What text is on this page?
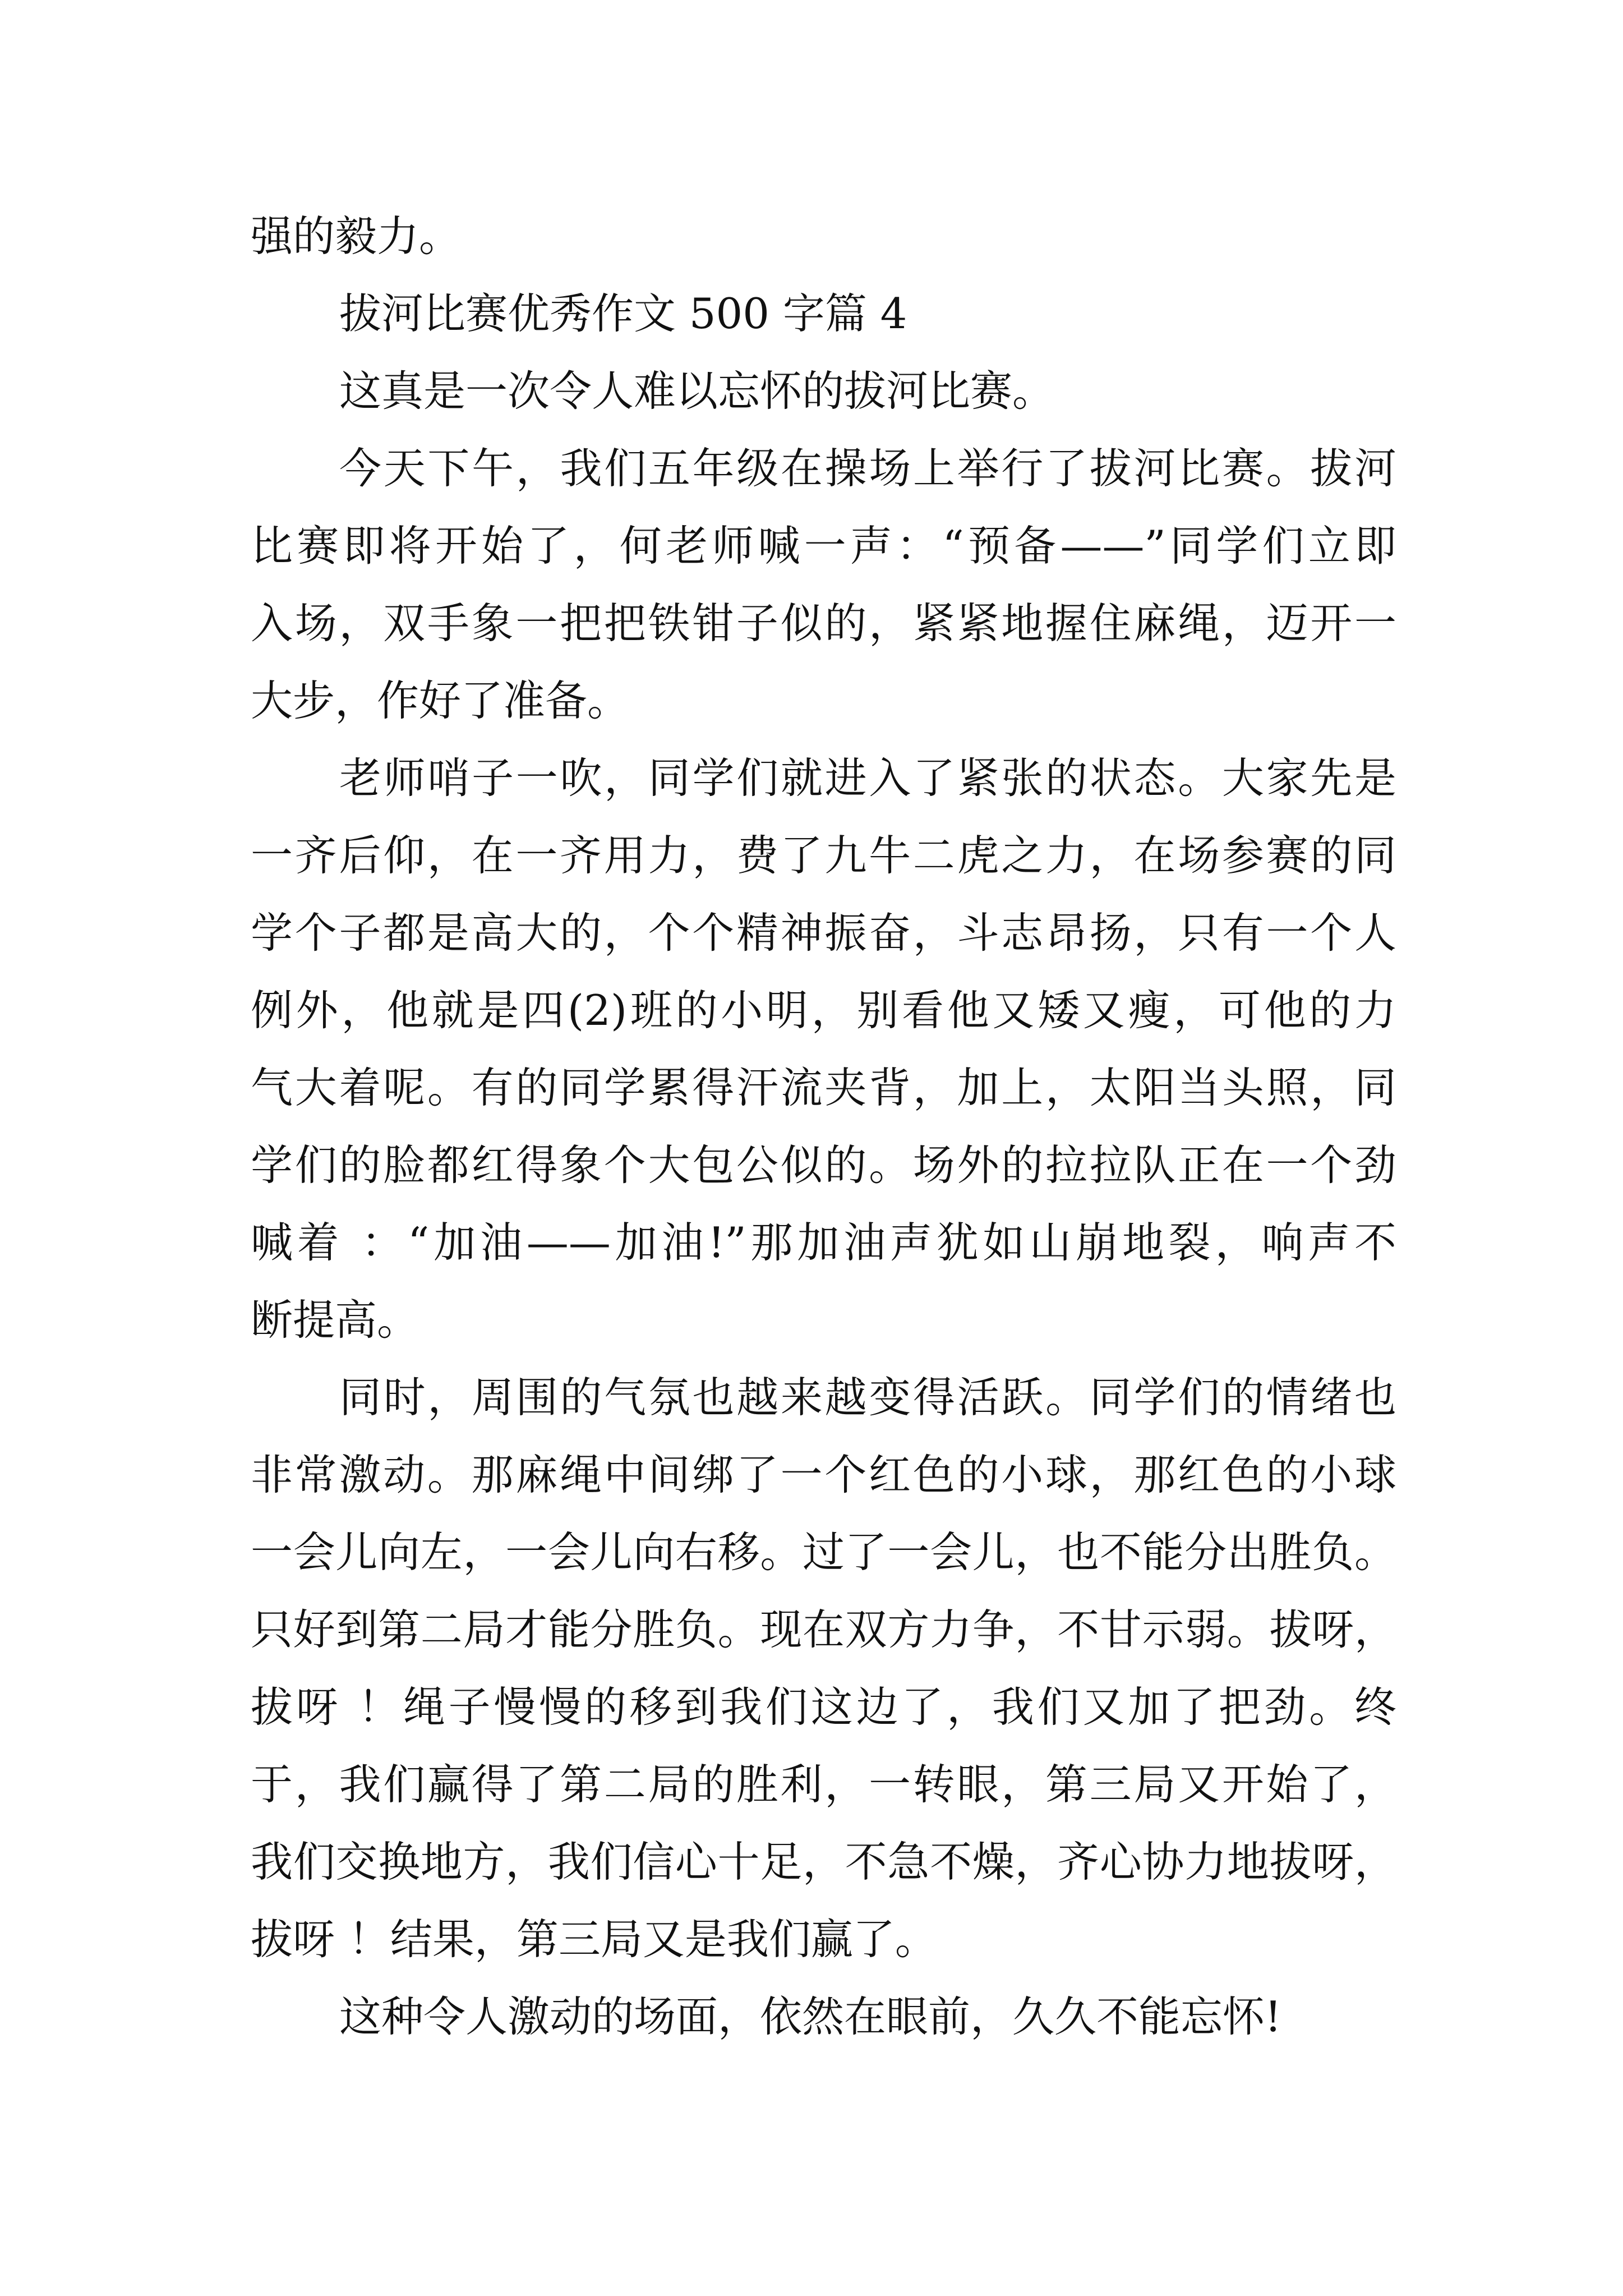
强的毅力。
拔河比赛优秀作文 500 字篇 4
这真是一次令人难以忘怀的拔河比赛。
今天下午，我们五年级在操场上举行了拔河比赛。拔河
比赛即将开始了，何老师喊一声：“预备——”同学们立即
入场，双手象一把把铁钳子似的，紧紧地握住麻绳，迈开一
大步，作好了准备。
老师哨子一吹，同学们就进入了紧张的状态。大家先是
一齐后仰，在一齐用力，费了九牛二虎之力，在场参赛的同
学个子都是高大的，个个精神振奋，斗志昂扬，只有一个人
例外，他就是四(2)班的小明，别看他又矮又瘦，可他的力
气大着呢。有的同学累得汗流夹背，加上，太阳当头照，同
学们的脸都红得象个大包公似的。场外的拉拉队正在一个劲
喊着 ：“加油——加油!”那加油声犹如山崩地裂，响声不
断提高。
同时，周围的气氛也越来越变得活跃。同学们的情绪也
非常激动。那麻绳中间绑了一个红色的小球，那红色的小球
一会儿向左，一会儿向右移。过了一会儿，也不能分出胜负。
只好到第二局才能分胜负。现在双方力争，不甘示弱。拔呀，
拔呀 ！绳子慢慢的移到我们这边了，我们又加了把劲。终
于，我们赢得了第二局的胜利，一转眼，第三局又开始了，
我们交换地方，我们信心十足，不急不燥，齐心协力地拔呀，
拔呀 ！结果，第三局又是我们赢了。
这种令人激动的场面，依然在眼前，久久不能忘怀!
